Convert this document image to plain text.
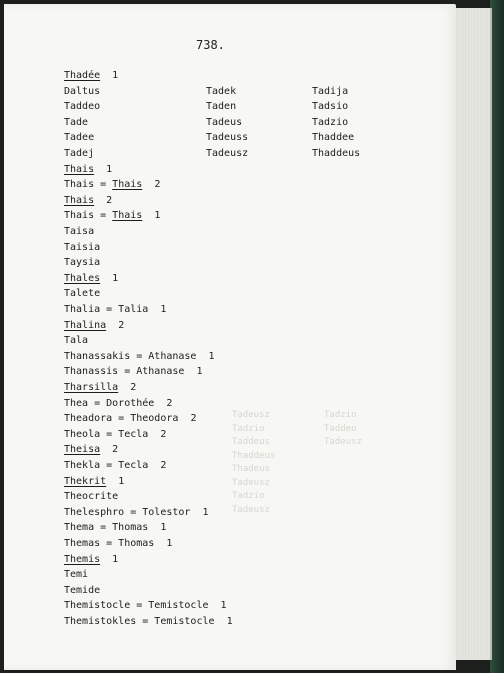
738.
Tadeusz
Tadzio
Taddeus
Thaddeus
Thadeus
Tadeusz
Tadzio
Tadeusz
Tadzio
Taddeo
Tadeusz
Thadée 1
Daltus
Taddeo
Tade
Tadee
Tadej
Thais 1
Thais = Thais 2
Thais 2
Thais = Thais 1
Taisa
Taisia
Taysia
Thales 1
Talete
Thalia = Talia 1
Thalina 2
Tala
Thanassakis = Athanase 1
Thanassis = Athanase 1
Tharsilla 2
Thea = Dorothée 2
Theadora = Theodora 2
Theola = Tecla 2
Theisa 2
Thekla = Tecla 2
Thekrit 1
Theocrite
Thelesphro = Tolestor 1
Thema = Thomas 1
Themas = Thomas 1
Themis 1
Temi
Temide
Themistocle = Temistocle 1
Themistokles = Temistocle 1
Tadek
Taden
Tadeus
Tadeuss
Tadeusz
Tadija
Tadsio
Tadzio
Thaddee
Thaddeus
